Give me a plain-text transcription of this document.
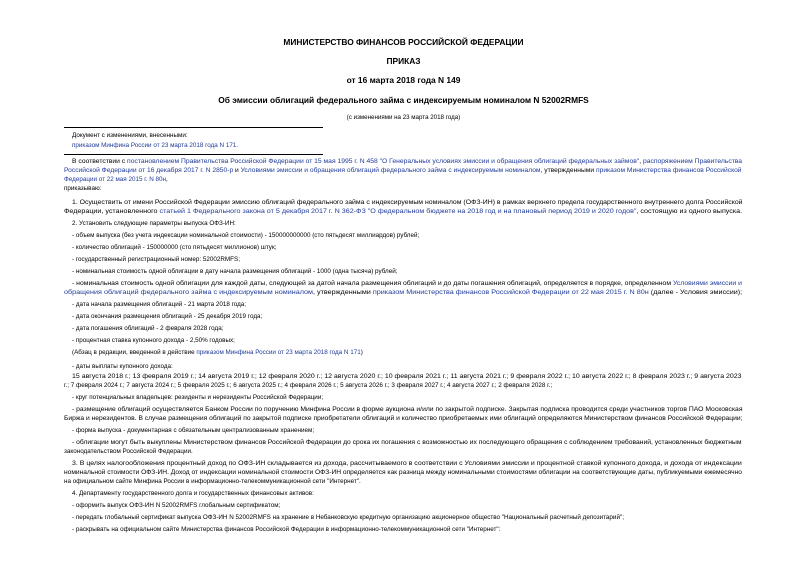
МИНИСТЕРСТВО ФИНАНСОВ РОССИЙСКОЙ ФЕДЕРАЦИИ
ПРИКАЗ
от 16 марта 2018 года N 149
Об эмиссии облигаций федерального займа с индексируемым номиналом N 52002RMFS
(с изменениями на 23 марта 2018 года)
Документ с изменениями, внесенными:
приказом Минфина России от 23 марта 2018 года N 171.
В соответствии с постановлением Правительства Российской Федерации от 15 мая 1995 г. N 458 "О Генеральных условиях эмиссии и обращения облигаций федеральных займов", распоряжением Правительства
Российской Федерации от 16 декабря 2017 г. N 2850-р и Условиями эмиссии и обращения облигаций федерального займа с индексируемым номиналом, утвержденными приказом Министерства финансов Российской
Федерации от 22 мая 2015 г. N 80н,
приказываю:
1. Осуществить от имени Российской Федерации эмиссию облигаций федерального займа с индексируемым номиналом (ОФЗ-ИН) в рамках верхнего предела государственного внутреннего долга Российской
Федерации, установленного статьей 1 Федерального закона от 5 декабря 2017 г. N 362-ФЗ "О федеральном бюджете на 2018 год и на плановый период 2019 и 2020 годов", состоящую из одного выпуска.
2. Установить следующие параметры выпуска ОФЗ-ИН:
- объем выпуска (без учета индексации номинальной стоимости) - 150000000000 (сто пятьдесят миллиардов) рублей;
- количество облигаций - 150000000 (сто пятьдесят миллионов) штук;
- государственный регистрационный номер: 52002RMFS;
- номинальная стоимость одной облигации в дату начала размещения облигаций - 1000 (одна тысяча) рублей;
- номинальная стоимость одной облигации для каждой даты, следующей за датой начала размещения облигаций и до даты погашения облигаций, определяется в порядке, определенном Условиями эмиссии и
обращения облигаций федерального займа с индексируемым номиналом, утвержденными приказом Министерства финансов Российской Федерации от 22 мая 2015 г. N 80н (далее - Условия эмиссии);
- дата начала размещения облигаций - 21 марта 2018 года;
- дата окончания размещения облигаций - 25 декабря 2019 года;
- дата погашения облигаций - 2 февраля 2028 года;
- процентная ставка купонного дохода - 2,50% годовых;
(Абзац в редакции, введенной в действие приказом Минфина России от 23 марта 2018 года N 171)
- даты выплаты купонного дохода:
15 августа 2018 г.; 13 февраля 2019 г.; 14 августа 2019 г.; 12 февраля 2020 г.; 12 августа 2020 г.; 10 февраля 2021 г.; 11 августа 2021 г.; 9 февраля 2022 г.; 10 августа 2022 г.; 8 февраля 2023 г.; 9 августа 2023
г.; 7 февраля 2024 г.; 7 августа 2024 г.; 5 февраля 2025 г.; 6 августа 2025 г.; 4 февраля 2026 г.; 5 августа 2026 г.; 3 февраля 2027 г.; 4 августа 2027 г.; 2 февраля 2028 г.;
- круг потенциальных владельцев: резиденты и нерезиденты Российской Федерации;
- размещение облигаций осуществляется Банком России по поручению Минфина России в форме аукциона и/или по закрытой подписке. Закрытая подписка проводится среди участников торгов ПАО Московская
Биржа и нерезидентов. В случае размещения облигаций по закрытой подписке приобретатели облигаций и количество приобретаемых ими облигаций определяются Министерством финансов Российской Федерации;
- форма выпуска - документарная с обязательным централизованным хранением;
- облигации могут быть выкуплены Министерством финансов Российской Федерации до срока их погашения с возможностью их последующего обращения с соблюдением требований, установленных бюджетным
законодательством Российской Федерации.
3. В целях налогообложения процентный доход по ОФЗ-ИН складывается из дохода, рассчитываемого в соответствии с Условиями эмиссии и процентной ставкой купонного дохода, и дохода от индексации
номинальной стоимости ОФЗ-ИН. Доход от индексации номинальной стоимости ОФЗ-ИН определяется как разница между номинальными стоимостями облигации на соответствующие даты, публикуемыми ежемесячно
на официальном сайте Минфина России в информационно-телекоммуникационной сети "Интернет".
4. Департаменту государственного долга и государственных финансовых активов:
- оформить выпуск ОФЗ-ИН N 52002RMFS глобальным сертификатом;
- передать глобальный сертификат выпуска ОФЗ-ИН N 52002RMFS на хранение в Небанковскую кредитную организацию акционерное общество "Национальный расчетный депозитарий";
- раскрывать на официальном сайте Министерства финансов Российской Федерации в информационно-телекоммуникационной сети "Интернет":
